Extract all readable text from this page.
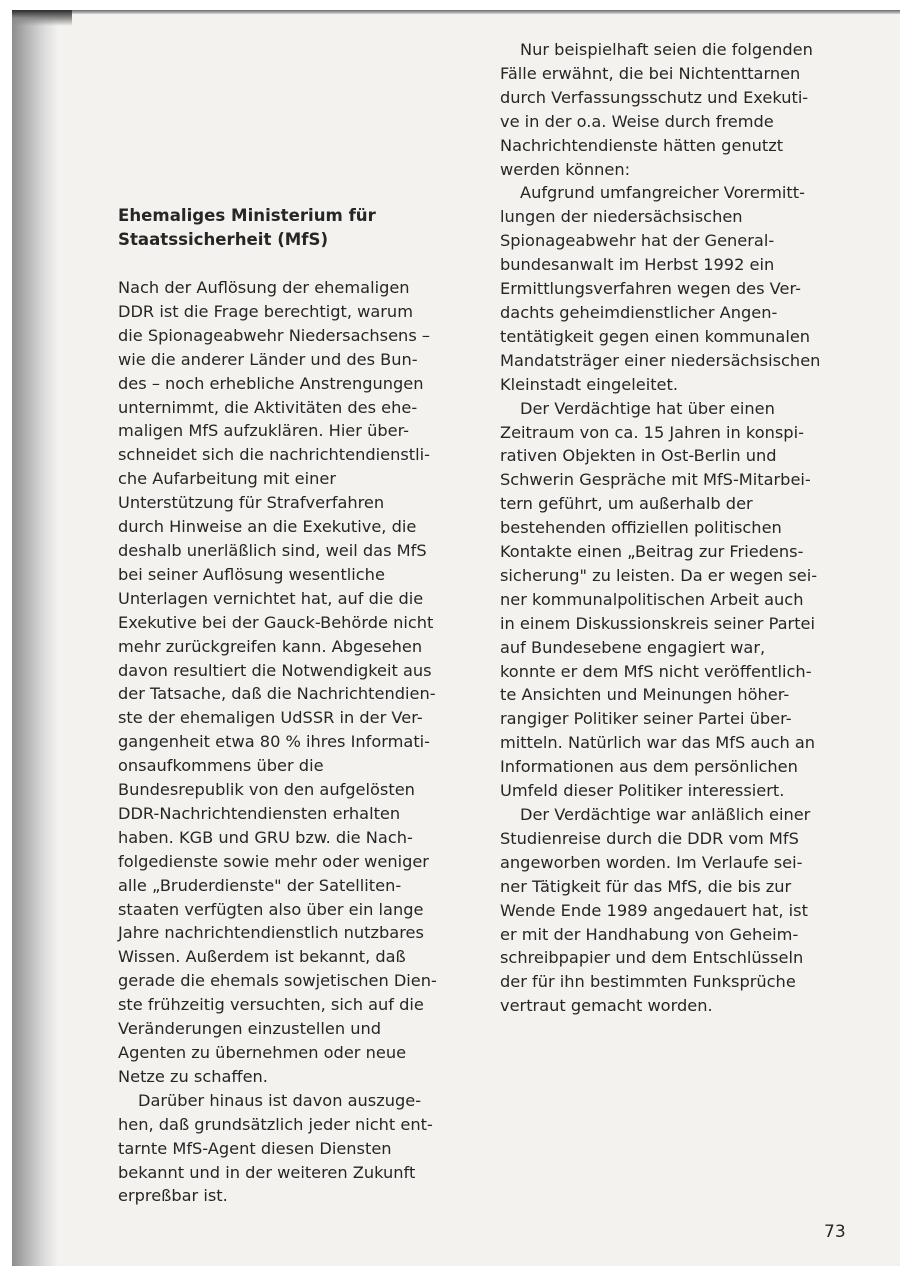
Ehemaliges Ministerium für
Staatssicherheit (MfS)
Nach der Auflösung der ehemaligen
DDR ist die Frage berechtigt, warum
die Spionageabwehr Niedersachsens –
wie die anderer Länder und des Bun-
des – noch erhebliche Anstrengungen
unternimmt, die Aktivitäten des ehe-
maligen MfS aufzuklären. Hier über-
schneidet sich die nachrichtendienstli-
che Aufarbeitung mit einer
Unterstützung für Strafverfahren
durch Hinweise an die Exekutive, die
deshalb unerläßlich sind, weil das MfS
bei seiner Auflösung wesentliche
Unterlagen vernichtet hat, auf die die
Exekutive bei der Gauck-Behörde nicht
mehr zurückgreifen kann. Abgesehen
davon resultiert die Notwendigkeit aus
der Tatsache, daß die Nachrichtendien-
ste der ehemaligen UdSSR in der Ver-
gangenheit etwa 80 % ihres Informati-
onsaufkommens über die
Bundesrepublik von den aufgelösten
DDR-Nachrichtendiensten erhalten
haben. KGB und GRU bzw. die Nach-
folgedienste sowie mehr oder weniger
alle „Bruderdienste" der Satelliten-
staaten verfügten also über ein lange
Jahre nachrichtendienstlich nutzbares
Wissen. Außerdem ist bekannt, daß
gerade die ehemals sowjetischen Dien-
ste frühzeitig versuchten, sich auf die
Veränderungen einzustellen und
Agenten zu übernehmen oder neue
Netze zu schaffen.
Darüber hinaus ist davon auszuge-
hen, daß grundsätzlich jeder nicht ent-
tarnte MfS-Agent diesen Diensten
bekannt und in der weiteren Zukunft
erpreßbar ist.
Nur beispielhaft seien die folgenden
Fälle erwähnt, die bei Nichtenttarnen
durch Verfassungsschutz und Exekuti-
ve in der o.a. Weise durch fremde
Nachrichtendienste hätten genutzt
werden können:
Aufgrund umfangreicher Vorermitt-
lungen der niedersächsischen
Spionageabwehr hat der General-
bundesanwalt im Herbst 1992 ein
Ermittlungsverfahren wegen des Ver-
dachts geheimdienstlicher Angen-
tentätigkeit gegen einen kommunalen
Mandatsträger einer niedersächsischen
Kleinstadt eingeleitet.
Der Verdächtige hat über einen
Zeitraum von ca. 15 Jahren in konspi-
rativen Objekten in Ost-Berlin und
Schwerin Gespräche mit MfS-Mitarbei-
tern geführt, um außerhalb der
bestehenden offiziellen politischen
Kontakte einen „Beitrag zur Friedens-
sicherung" zu leisten. Da er wegen sei-
ner kommunalpolitischen Arbeit auch
in einem Diskussionskreis seiner Partei
auf Bundesebene engagiert war,
konnte er dem MfS nicht veröffentlich-
te Ansichten und Meinungen höher-
rangiger Politiker seiner Partei über-
mitteln. Natürlich war das MfS auch an
Informationen aus dem persönlichen
Umfeld dieser Politiker interessiert.
Der Verdächtige war anläßlich einer
Studienreise durch die DDR vom MfS
angeworben worden. Im Verlaufe sei-
ner Tätigkeit für das MfS, die bis zur
Wende Ende 1989 angedauert hat, ist
er mit der Handhabung von Geheim-
schreibpapier und dem Entschlüsseln
der für ihn bestimmten Funksprüche
vertraut gemacht worden.
73
